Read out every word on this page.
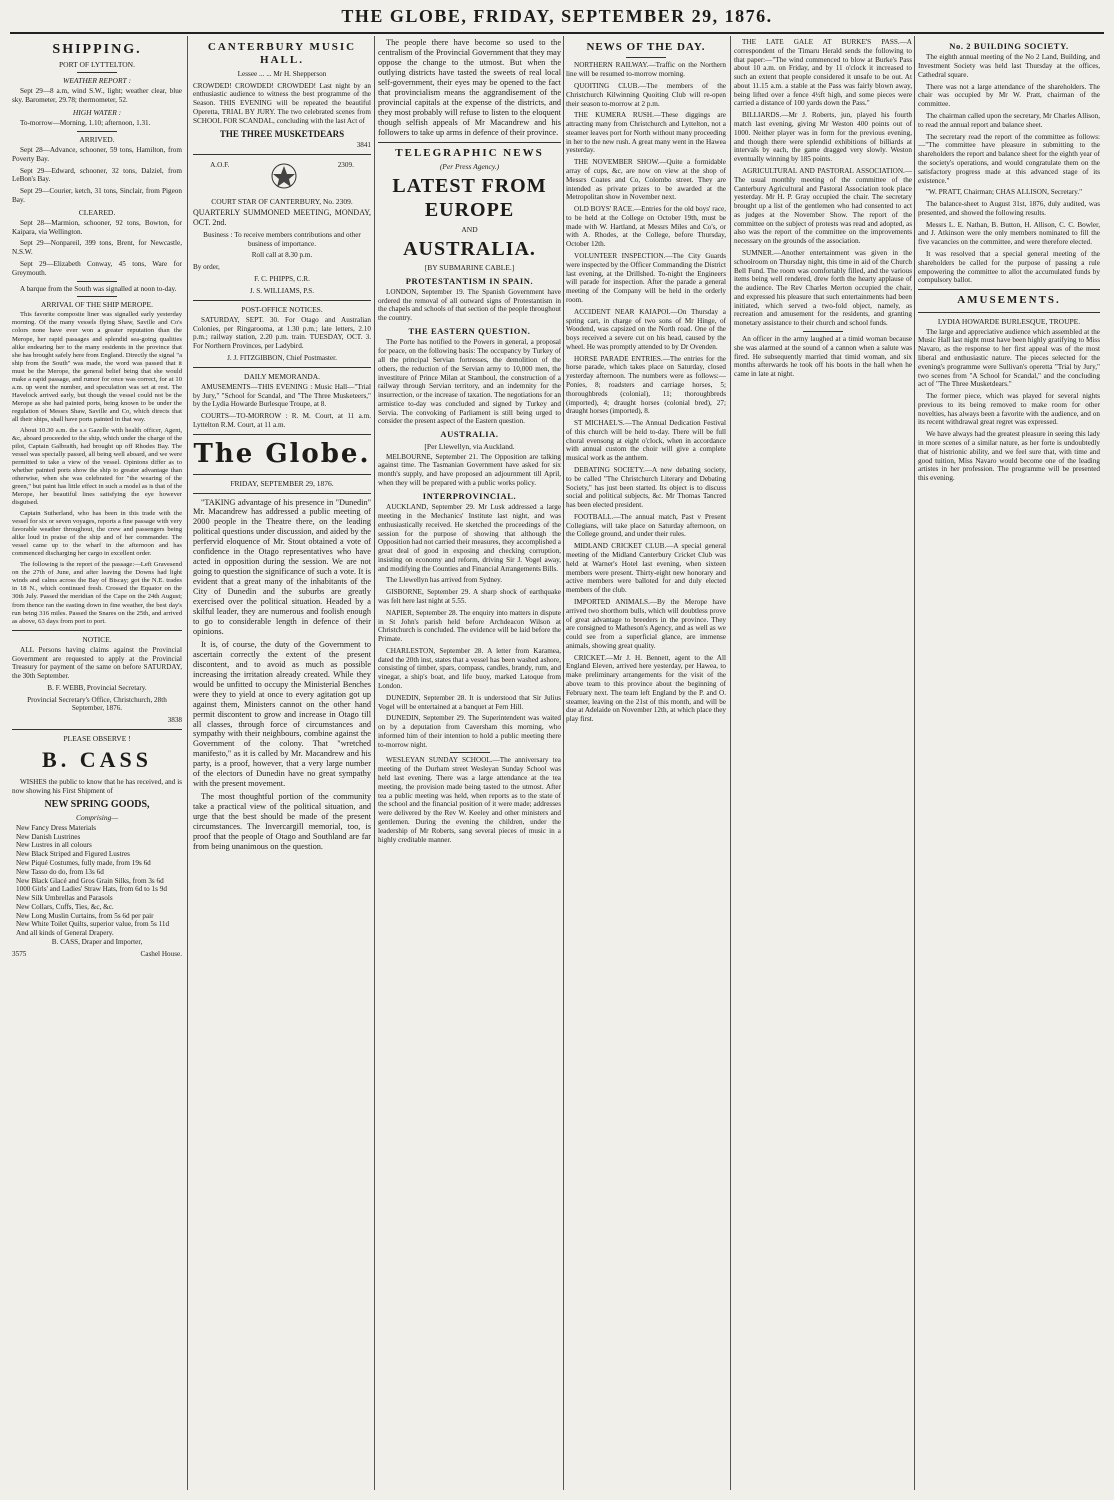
THE GLOBE, FRIDAY, SEPTEMBER 29, 1876.
SHIPPING.
PORT OF LYTTELTON.
WEATHER REPORT :

Sept 29—8 a.m, wind S.W., light; weather clear, blue sky. Barometer, 29.78; thermometer, 52.

HIGH WATER :

To-morrow—Morning, 1.10; afternoon, 1.31.

ARRIVED.

Sept 28—Advance, schooner, 59 tons, Hamilton, from Poverty Bay.

Sept 29—Edward, schooner, 32 tons, Dalziel, from LeBon's Bay.

Sept 29—Courier, ketch, 31 tons, Sinclair, from Pigeon Bay.

CLEARED.

Sept 28—Marmion, schooner, 92 tons, Bowton, for Kaipara, via Wellington.

Sept 29—Nonpareil, 399 tons, Brent, for Newcastle, N.S.W.

Sept 29—Elizabeth Conway, 45 tons, Ware for Greymouth.

A barque from the South was signalled at noon to-day.

ARRIVAL OF THE SHIP MEROPE.

This favorite composite liner was signalled early yesterday morning. Of the many vessels flying Shaw, Saville and Co's colors none have ever won a greater reputation than the Merope, her rapid passages and splendid sea-going qualities alike endearing her to the many residents in the province that she has brought safely here from England. Directly the signal "a ship from the South" was made, the word was passed that it must be the Merope, the general belief being that she would make a rapid passage, and rumor for once was correct, for at 10 a.m. up went the number, and speculation was set at rest. The Havelock arrived early, but though the vessel could not be the Merope as she had painted ports, being known to be under the regulation of Messrs Shaw, Saville and Co, which directs that all their ships, shall have ports painted in that way.

About 10.30 a.m. the s.s Gazelle with health officer, Agent, &c, aboard proceeded to the ship, which under the charge of the pilot, Captain Galbraith, had brought up off Rhodes Bay. The vessel was specially passed, all being well aboard, and we were permitted to take a view of the vessel. Opinions differ as to whether painted ports show the ship to greater advantage than otherwise, when she was celebrated for "the wearing of the green," but paint has little effect in such a model as is that of the Merope, her beautiful lines satisfying the eye however disguised.

Captain Sutherland, who has been in this trade with the vessel for six or seven voyages, reports a fine passage with very favorable weather throughout, the crew and passengers being alike loud in praise of the ship and of her commander. The vessel came up to the wharf in the afternoon and has commenced discharging her cargo in excellent order.

The following is the report of the passage:—Left Gravesend on the 27th of June, and after leaving the Downs had light winds and calms across the Bay of Biscay; got the N.E. trades in 18 N., which continued fresh. Crossed the Equator on the 30th July. Passed the meridian of the Cape on the 24th August; from thence ran the easting down in fine weather, the best day's run being 316 miles. Passed the Snares on the 25th, and arrived as above, 63 days from port to port.

NOTICE.

ALL Persons having claims against the Provincial Government are requested to apply at the Provincial Treasury for payment of the same on before SATURDAY, the 30th September.

B. F. WEBB, Provincial Secretary.

Provincial Secretary's Office, Christchurch, 28th September, 1876.

3838

PLEASE OBSERVE !
B. CASS

WISHES the public to know that he has received, and is now showing his First Shipment of

NEW SPRING GOODS,
Comprising—
New Fancy Dress Materials
New Danish Lustrines
New Lustres in all colours
New Black Striped and Figured Lustres
New Piqué Costumes, fully made, from 19s 6d
New Tasso do do, from 13s 6d
New Black Glacé and Gros Grain Silks, from 3s 6d
1000 Girls' and Ladies' Straw Hats, from 6d to 1s 9d
New Silk Umbrellas and Parasols
New Collars, Cuffs, Ties, &c, &c.
New Long Muslin Curtains, from 5s 6d per pair
New White Toilet Quilts, superior value, from 5s 11d
And all kinds of General Drapery.

B. CASS, Draper and Importer,

3575	Cashel House.
CANTERBURY MUSIC HALL.

Lessee ... ... Mr H. Shepperson

CROWDED! CROWDED! CROWDED! Last night by an enthusiastic audience to witness the best programme of the Season. THIS EVENING will be repeated the beautiful Operetta, TRIAL BY JURY. The two celebrated scenes from SCHOOL FOR SCANDAL, concluding with the last Act of

THE THREE MUSKETDEARS

3841

A.O.F.	2309.
COURT STAR OF CANTERBURY, No. 2309.

QUARTERLY SUMMONED MEETING, MONDAY, OCT. 2nd.

Business : To receive members contributions and other business of importance.

Roll call at 8.30 p.m.

By order,

F. C. PHIPPS, C.R.

J. S. WILLIAMS, P.S.

POST-OFFICE NOTICES.

SATURDAY, SEPT. 30. For Otago and Australian Colonies, per Ringarooma, at 1.30 p.m.; late letters, 2.10 p.m.; railway station, 2.20 p.m. train. TUESDAY, OCT. 3. For Northern Provinces, per Ladybird.

J. J. FITZGIBBON, Chief Postmaster.

DAILY MEMORANDA.

AMUSEMENTS—THIS EVENING : Music Hall—"Trial by Jury," "School for Scandal, and "The Three Musketeers," by the Lydia Howarde Burlesque Troupe, at 8.

COURTS—TO-MORROW : R. M. Court, at 11 a.m. Lyttelton R.M. Court, at 11 a.m.

The Globe.
FRIDAY, SEPTEMBER 29, 1876.

"TAKING advantage of his presence in "Dunedin" Mr. Macandrew has addressed a public meeting of 2000 people in the Theatre there, on the leading political questions under discussion, and aided by the perfervid eloquence of Mr. Stout obtained a vote of confidence in the Otago representatives who have acted in opposition during the session. We are not going to question the significance of such a vote. It is evident that a great many of the inhabitants of the City of Dunedin and the suburbs are greatly exercised over the political situation. Headed by a skilful leader, they are numerous and foolish enough to go to considerable length in defence of their opinions.

It is, of course, the duty of the Government to ascertain correctly the extent of the present discontent, and to avoid as much as possible increasing the irritation already created. While they would be unfitted to occupy the Ministerial Benches were they to yield at once to every agitation got up against them, Ministers cannot on the other hand permit discontent to grow and increase in Otago till all classes, through force of circumstances and sympathy with their neighbours, combine against the Government of the colony. That "wretched manifesto," as it is called by Mr. Macandrew and his party, is a proof, however, that a very large number of the electors of Dunedin have no great sympathy with the present movement.

The most thoughtful portion of the community take a practical view of the political situation, and urge that the best should be made of the present circumstances. The Invercargill memorial, too, is proof that the people of Otago and Southland are far from being unanimous on the question.

The people there have become so used to the centralism of the Provincial Government that they may oppose the change to the utmost. But when the outlying districts have tasted the sweets of real local self-government, their eyes may be opened to the fact that provincialism means the aggrandisement of the provincial capitals at the expense of the districts, and they most probably will refuse to listen to the eloquent though selfish appeals of Mr Macandrew and his followers to take up arms in defence of their province.

TELEGRAPHIC NEWS
(Per Press Agency.)
LATEST FROM EUROPE
AND
AUSTRALIA.
[BY SUBMARINE CABLE.]
PROTESTANTISM IN SPAIN.

LONDON, September 19. The Spanish Government have ordered the removal of all outward signs of Protestantism in the chapels and schools of that section of the people throughout the country.

THE EASTERN QUESTION.

The Porte has notified to the Powers in general, a proposal for peace, on the following basis: The occupancy by Turkey of all the principal Servian fortresses, the demolition of the others, the reduction of the Servian army to 10,000 men, the investiture of Prince Milan at Stamboul, the construction of a railway through Servian territory, and an indemnity for the insurrection, or the increase of taxation. The negotiations for an armistice to-day was concluded and signed by Turkey and Servia. The convoking of Parliament is still being urged to consider the present aspect of the Eastern question.

AUSTRALIA.
[Per Llewellyn, via Auckland.

MELBOURNE, September 21. The Opposition are talking against time. The Tasmanian Government have asked for six month's supply, and have proposed an adjournment till April, when they will be prepared with a public works policy.

INTERPROVINCIAL.

AUCKLAND, September 29. Mr Lusk addressed a large meeting in the Mechanics' Institute last night, and was enthusiastically received. He sketched the proceedings of the session for the purpose of showing that although the Opposition had not carried their measures, they accomplished a great deal of good in exposing and checking corruption, insisting on economy and reform, driving Sir J. Vogel away, and modifying the Counties and Financial Arrangements Bills.

The Llewellyn has arrived from Sydney.

GISBORNE, September 29. A sharp shock of earthquake was felt here last night at 5.55.

NAPIER, September 28. The enquiry into matters in dispute in St John's parish held before Archdeacon Wilson at Christchurch is concluded. The evidence will be laid before the Primate.

CHARLESTON, September 28. A letter from Karamea, dated the 20th inst, states that a vessel has been washed ashore, consisting of timber, spars, compass, candles, brandy, rum, and vinegar, a ship's boat, and life buoy, marked Latoque from London.

DUNEDIN, September 28. It is understood that Sir Julius Vogel will be entertained at a banquet at Fern Hill.

DUNEDIN, September 29. The Superintendent was waited on by a deputation from Caversham this morning, who informed him of their intention to hold a public meeting there to-morrow night.

WESLEYAN SUNDAY SCHOOL.—The anniversary tea meeting of the Durham street Wesleyan Sunday School was held last evening. There was a large attendance at the tea meeting, the provision made being tasted to the utmost. After tea a public meeting was held, when reports as to the state of the school and the financial position of it were made; addresses were delivered by the Rev W. Keeley and other ministers and gentlemen. During the evening the children, under the leadership of Mr Roberts, sang several pieces of music in a highly creditable manner.

NEWS OF THE DAY.

NORTHERN RAILWAY.—Traffic on the Northern line will be resumed to-morrow morning.

QUOITING CLUB.—The members of the Christchurch Kilwinning Quoiting Club will re-open their season to-morrow at 2 p.m.

THE KUMERA RUSH.—These diggings are attracting many from Christchurch and Lyttelton, not a steamer leaves port for North without many proceeding in her to the new rush. A great many went in the Hawea yesterday.

THE NOVEMBER SHOW.—Quite a formidable array of cups, &c, are now on view at the shop of Messrs Coates and Co, Colombo street. They are intended as private prizes to be awarded at the Metropolitan show in November next.

OLD BOYS' RACE.—Entries for the old boys' race, to be held at the College on October 19th, must be made with W. Hartland, at Messrs Miles and Co's, or with A. Rhodes, at the College, before Thursday, October 12th.

VOLUNTEER INSPECTION.—The City Guards were inspected by the Officer Commanding the District last evening, at the Drillshed. To-night the Engineers will parade for inspection. After the parade a general meeting of the Company will be held in the orderly room.

ACCIDENT NEAR KAIAPOI.—On Thursday a spring cart, in charge of two sons of Mr Hinge, of Woodend, was capsized on the North road. One of the boys received a severe cut on his head, caused by the wheel. He was promptly attended to by Dr Ovenden.

HORSE PARADE ENTRIES.—The entries for the horse parade, which takes place on Saturday, closed yesterday afternoon. The numbers were as follows:—Ponies, 8; roadsters and carriage horses, 5; thoroughbreds (colonial), 11; thoroughbreds (imported), 4; draught horses (colonial bred), 27; draught horses (imported), 8.

ST MICHAEL'S.—The Annual Dedication Festival of this church will be held to-day. There will be full choral evensong at eight o'clock, when in accordance with annual custom the choir will give a complete musical work as the anthem.

DEBATING SOCIETY.—A new debating society, to be called "The Christchurch Literary and Debating Society," has just been started. Its object is to discuss social and political subjects, &c. Mr Thomas Tancred has been elected president.

FOOTBALL.—The annual match, Past v Present Collegians, will take place on Saturday afternoon, on the College ground, and under their rules.

MIDLAND CRICKET CLUB.—A special general meeting of the Midland Canterbury Cricket Club was held at Warner's Hotel last evening, when sixteen members were present. Thirty-eight new honorary and active members were balloted for and duly elected members of the club.

IMPORTED ANIMALS.—By the Merope have arrived two shorthorn bulls, which will doubtless prove of great advantage to breeders in the province. They are consigned to Matheson's Agency, and as well as we could see from a superficial glance, are immense animals, showing great quality.

CRICKET.—Mr J. H. Bennett, agent to the All England Eleven, arrived here yesterday, per Hawea, to make preliminary arrangements for the visit of the above team to this province about the beginning of February next. The team left England by the P. and O. steamer, leaving on the 21st of this month, and will be due at Adelaide on November 12th, at which place they play first.

THE LATE GALE AT BURKE'S PASS.—A correspondent of the Timaru Herald sends the following to that paper:—"The wind commenced to blow at Burke's Pass about 10 a.m. on Friday, and by 11 o'clock it increased to such an extent that people considered it unsafe to be out. At about 11.15 a.m. a stable at the Pass was fairly blown away, being lifted over a fence 4½ft high, and some pieces were carried a distance of 100 yards down the Pass."

BILLIARDS.—Mr J. Roberts, jun, played his fourth match last evening, giving Mr Weston 400 points out of 1000. Neither player was in form for the previous evening, and though there were splendid exhibitions of billiards at intervals by each, the game dragged very slowly. Weston eventually winning by 185 points.

AGRICULTURAL AND PASTORAL ASSOCIATION.—The usual monthly meeting of the committee of the Canterbury Agricultural and Pastoral Association took place yesterday. Mr H. P. Gray occupied the chair. The secretary brought up a list of the gentlemen who had consented to act as judges at the November Show. The report of the committee on the subject of protests was read and adopted, as also was the report of the committee on the improvements necessary on the grounds of the association.

SUMNER.—Another entertainment was given in the schoolroom on Thursday night, this time in aid of the Church Bell Fund. The room was comfortably filled, and the various items being well rendered, drew forth the hearty applause of the audience. The Rev Charles Merton occupied the chair, and expressed his pleasure that such entertainments had been initiated, which served a two-fold object, namely, as recreation and amusement for the residents, and granting monetary assistance to their church and school funds.

An officer in the army laughed at a timid woman because she was alarmed at the sound of a cannon when a salute was fired. He subsequently married that timid woman, and six months afterwards he took off his boots in the hall when he came in late at night.

No. 2 BUILDING SOCIETY.

The eighth annual meeting of the No 2 Land, Building, and Investment Society was held last Thursday at the offices, Cathedral square.

There was not a large attendance of the shareholders. The chair was occupied by Mr W. Pratt, chairman of the committee.

The chairman called upon the secretary, Mr Charles Allison, to read the annual report and balance sheet.

The secretary read the report of the committee as follows:—"The committee have pleasure in submitting to the shareholders the report and balance sheet for the eighth year of the society's operations, and would congratulate them on the satisfactory progress made at this advanced stage of its existence."

"W. PRATT, Chairman; CHAS ALLISON, Secretary."

The balance-sheet to August 31st, 1876, duly audited, was presented, and showed the following results.

Messrs L. E. Nathan, B. Button, H. Allison, C. C. Bowler, and J. Atkinson were the only members nominated to fill the five vacancies on the committee, and were therefore elected.

It was resolved that a special general meeting of the shareholders be called for the purpose of passing a rule empowering the committee to allot the accumulated funds by compulsory ballot.

AMUSEMENTS.
LYDIA HOWARDE BURLESQUE, TROUPE.

The large and appreciative audience which assembled at the Music Hall last night must have been highly gratifying to Miss Navaro, as the response to her first appeal was of the most liberal and enthusiastic nature. The pieces selected for the evening's programme were Sullivan's operetta "Trial by Jury," two scenes from "A School for Scandal," and the concluding act of "The Three Musketdears."

The former piece, which was played for several nights previous to its being removed to make room for other novelties, has always been a favorite with the audience, and on its recent withdrawal great regret was expressed.

We have always had the greatest pleasure in seeing this lady in more scenes of a similar nature, as her forte is undoubtedly that of histrionic ability, and we feel sure that, with time and good tuition, Miss Navaro would become one of the leading artistes in her profession. The programme will be presented this evening.
